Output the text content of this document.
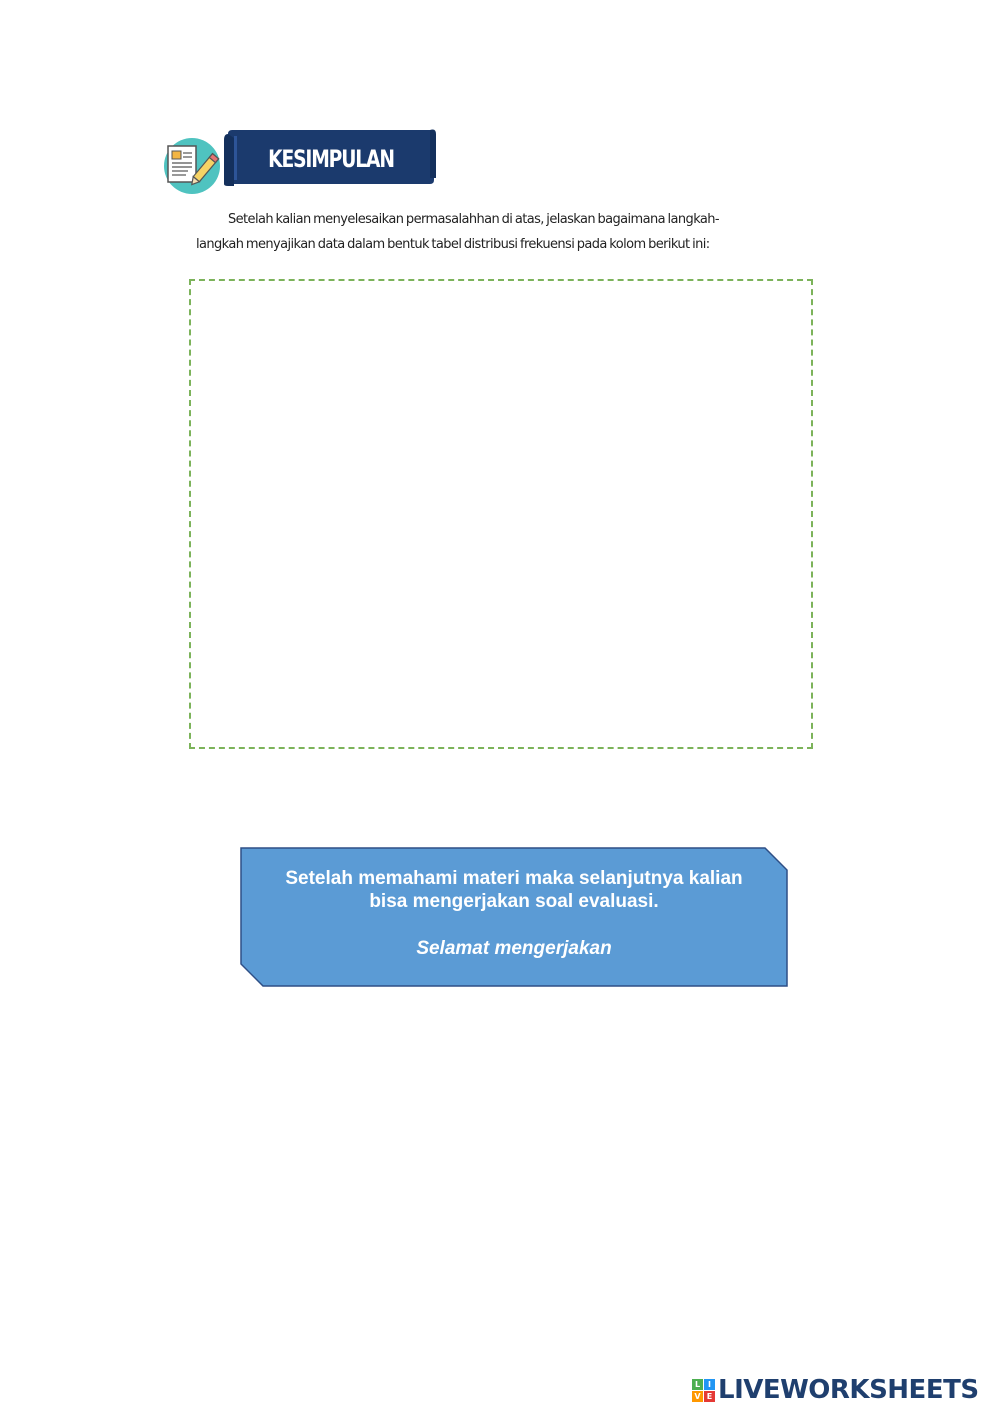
KESIMPULAN
Setelah kalian menyelesaikan permasalahhan di atas, jelaskan bagaimana langkah-
langkah menyajikan data dalam bentuk tabel distribusi frekuensi pada kolom berikut ini:
Setelah memahami materi maka selanjutnya kalian bisa mengerjakan soal evaluasi.
Selamat mengerjakan
L I
V E LIVEWORKSHEETS
